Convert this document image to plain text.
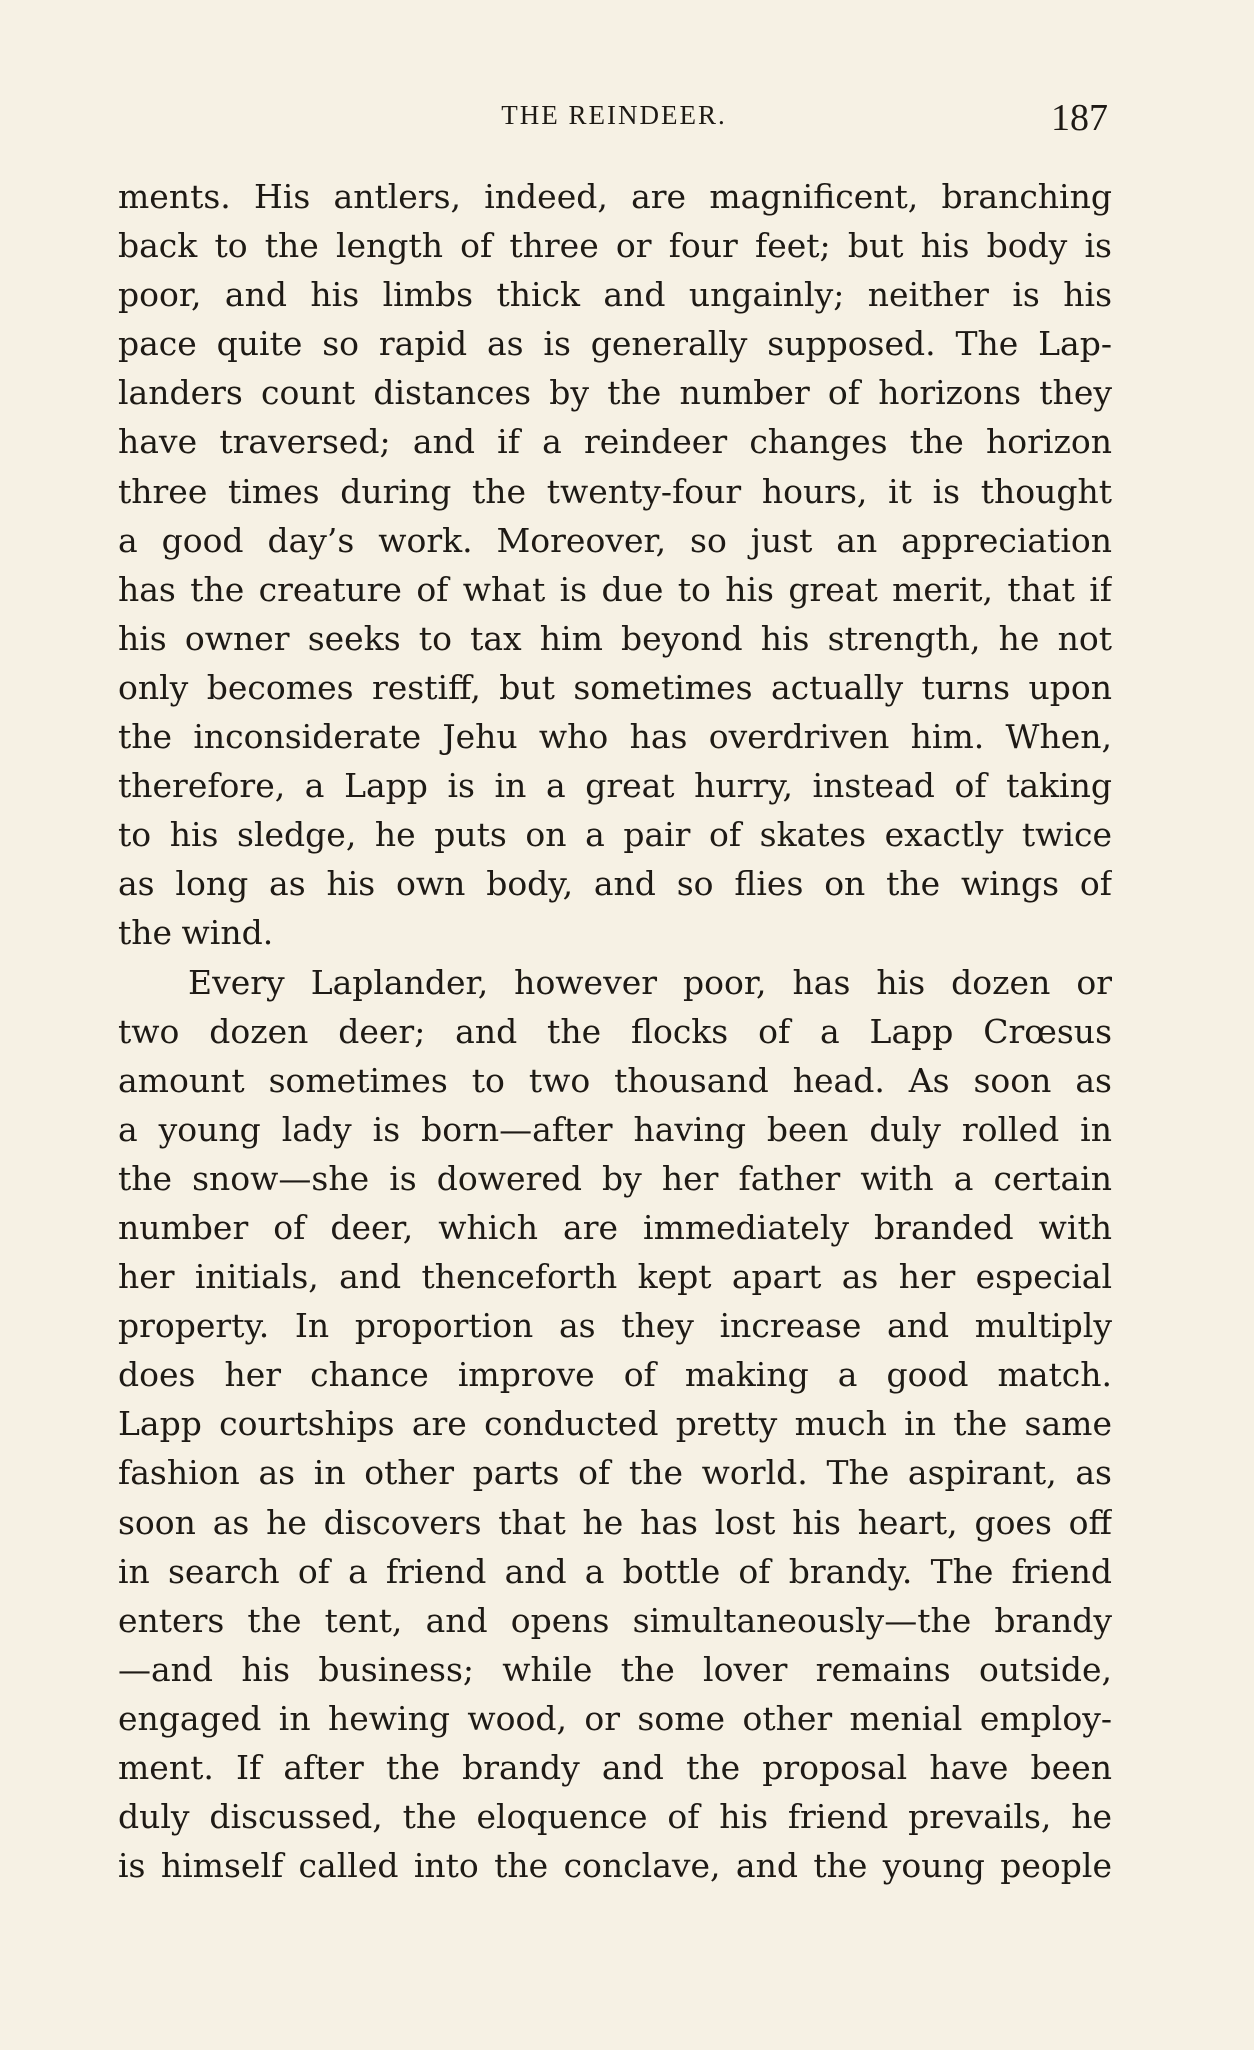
THE REINDEER.	187
ments. His antlers, indeed, are magnificent, branching
back to the length of three or four feet; but his body is
poor, and his limbs thick and ungainly; neither is his
pace quite so rapid as is generally supposed. The Lap-
landers count distances by the number of horizons they
have traversed; and if a reindeer changes the horizon
three times during the twenty-four hours, it is thought
a good day’s work. Moreover, so just an appreciation
has the creature of what is due to his great merit, that if
his owner seeks to tax him beyond his strength, he not
only becomes restiff, but sometimes actually turns upon
the inconsiderate Jehu who has overdriven him. When,
therefore, a Lapp is in a great hurry, instead of taking
to his sledge, he puts on a pair of skates exactly twice
as long as his own body, and so flies on the wings of
the wind.
Every Laplander, however poor, has his dozen or
two dozen deer; and the flocks of a Lapp Crœsus
amount sometimes to two thousand head. As soon as
a young lady is born—after having been duly rolled in
the snow—she is dowered by her father with a certain
number of deer, which are immediately branded with
her initials, and thenceforth kept apart as her especial
property. In proportion as they increase and multiply
does her chance improve of making a good match.
Lapp courtships are conducted pretty much in the same
fashion as in other parts of the world. The aspirant, as
soon as he discovers that he has lost his heart, goes off
in search of a friend and a bottle of brandy. The friend
enters the tent, and opens simultaneously—the brandy
—and his business; while the lover remains outside,
engaged in hewing wood, or some other menial employ-
ment. If after the brandy and the proposal have been
duly discussed, the eloquence of his friend prevails, he
is himself called into the conclave, and the young people
